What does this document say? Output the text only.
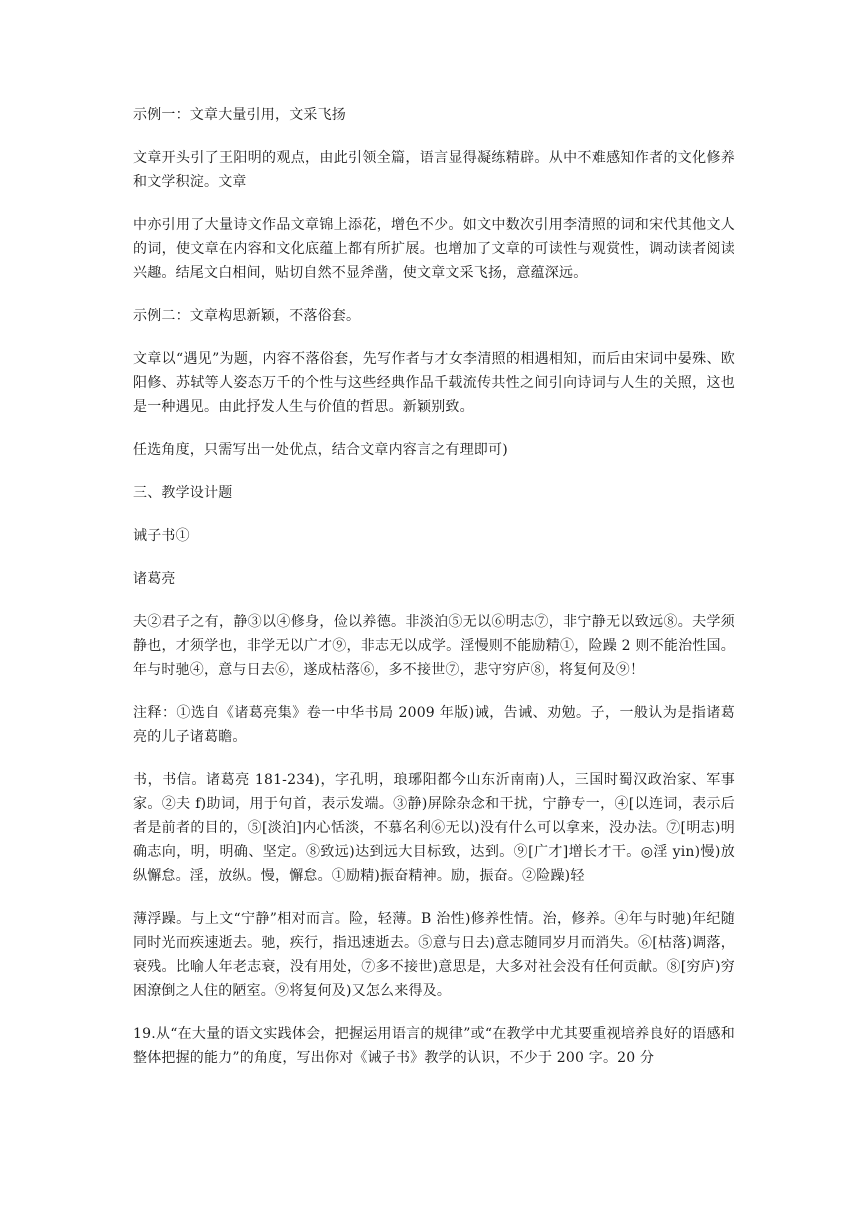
示例一：文章大量引用，文采飞扬

文章开头引了王阳明的观点，由此引领全篇，语言显得凝练精辟。从中不难感知作者的文化修养和文学积淀。文章

中亦引用了大量诗文作品文章锦上添花，增色不少。如文中数次引用李清照的词和宋代其他文人的词，使文章在内容和文化底蕴上都有所扩展。也增加了文章的可读性与观赏性，调动读者阅读兴趣。结尾文白相间，贴切自然不显斧凿，使文章文采飞扬，意蕴深远。

示例二：文章构思新颖，不落俗套。

文章以“遇见”为题，内容不落俗套，先写作者与才女李清照的相遇相知，而后由宋词中晏殊、欧阳修、苏轼等人姿态万千的个性与这些经典作品千载流传共性之间引向诗词与人生的关照，这也是一种遇见。由此抒发人生与价值的哲思。新颖别致。

任选角度，只需写出一处优点，结合文章内容言之有理即可)

三、教学设计题

诫子书①

诸葛亮

夫②君子之有，静③以④修身，俭以养德。非淡泊⑤无以⑥明志⑦，非宁静无以致远⑧。夫学须静也，才须学也，非学无以广才⑨，非志无以成学。淫慢则不能励精①，险躁 2 则不能治性国。年与时驰④，意与日去⑥，遂成枯落⑥，多不接世⑦，悲守穷庐⑧，将复何及⑨！

注释：①选自《诸葛亮集》卷一中华书局 2009 年版)诫，告诫、劝勉。子，一般认为是指诸葛亮的儿子诸葛瞻。

书，书信。诸葛亮 181-234)，字孔明，琅琊阳都今山东沂南南)人，三国时蜀汉政治家、军事家。②夫 f)助词，用于句首，表示发端。③静)屏除杂念和干扰，宁静专一，④[以连词，表示后者是前者的目的，⑤[淡泊]内心恬淡，不慕名利⑥无以)没有什么可以拿来，没办法。⑦[明志)明确志向，明，明确、坚定。⑧致远)达到远大目标致，达到。⑨[广才]增长才干。◎淫 yin)慢)放纵懈怠。淫，放纵。慢，懈怠。①励精)振奋精神。励，振奋。②险躁)轻

薄浮躁。与上文“宁静”相对而言。险，轻薄。B 治性)修养性情。治，修养。④年与时驰)年纪随同时光而疾速逝去。驰，疾行，指迅速逝去。⑤意与日去)意志随同岁月而消失。⑥[枯落)调落，衰残。比喻人年老志衰，没有用处，⑦多不接世)意思是，大多对社会没有任何贡献。⑧[穷庐)穷困潦倒之人住的陋室。⑨将复何及)又怎么来得及。

19.从“在大量的语文实践体会，把握运用语言的规律”或“在教学中尤其要重视培养良好的语感和整体把握的能力”的角度，写出你对《诫子书》教学的认识，不少于 200 字。20 分
